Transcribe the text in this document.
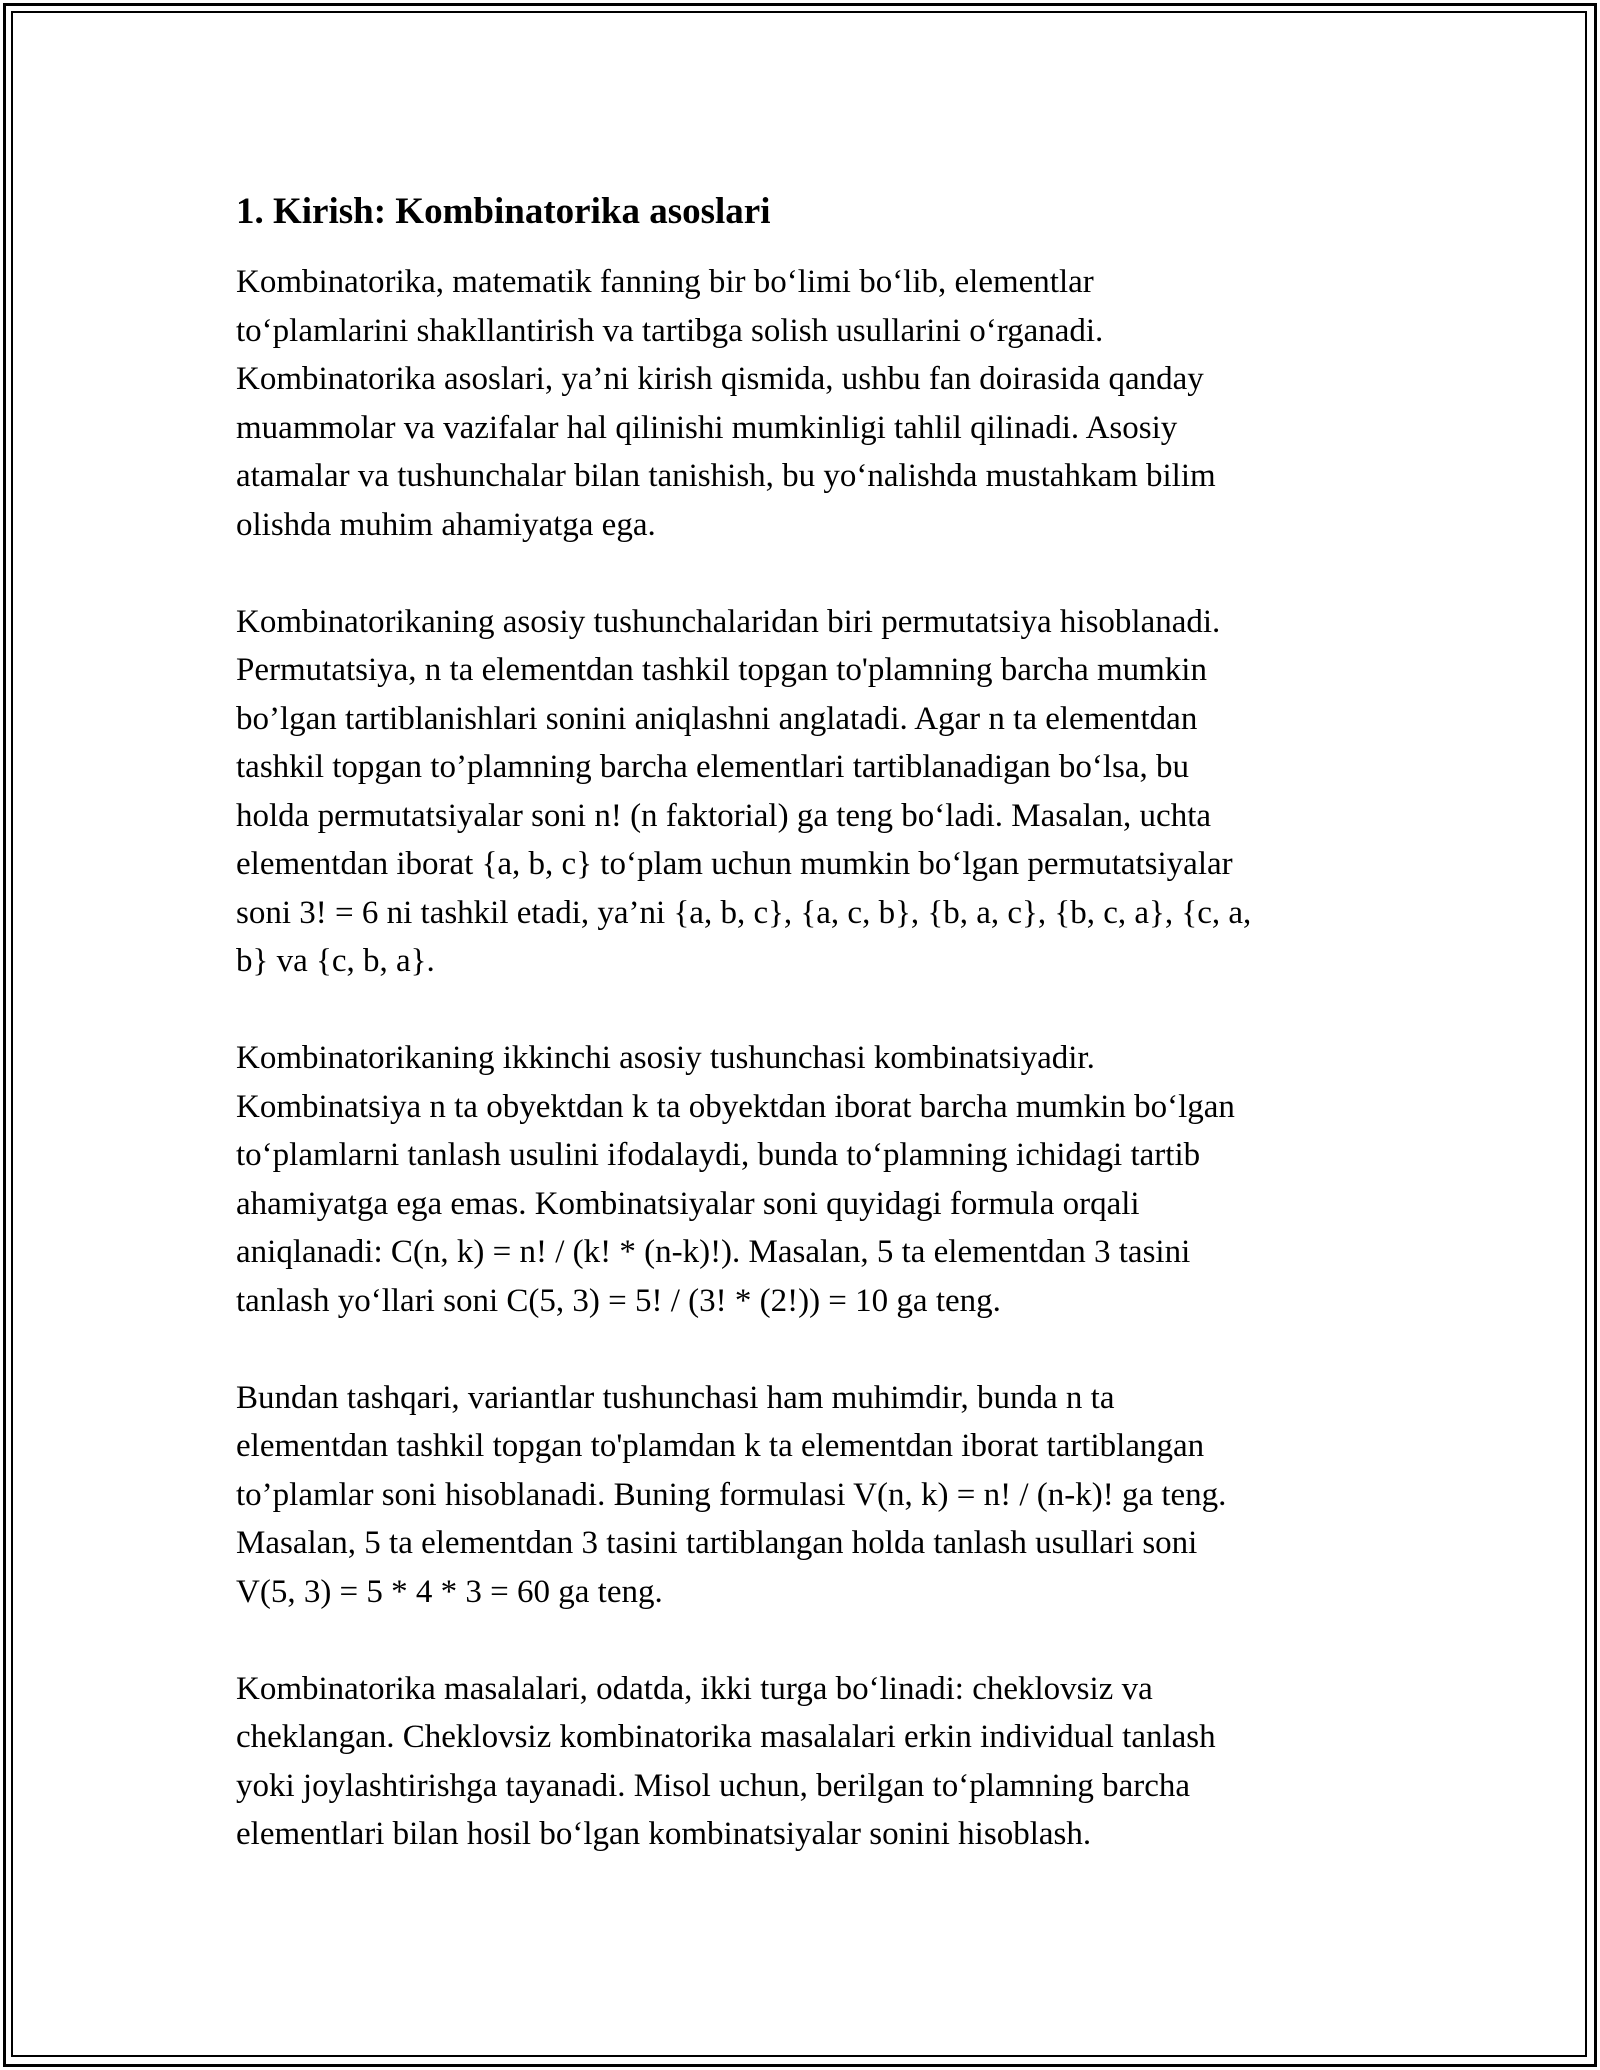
1. Kirish: Kombinatorika asoslari

Kombinatorika, matematik fanning bir bo‘limi bo‘lib, elementlar
to‘plamlarini shakllantirish va tartibga solish usullarini o‘rganadi.
Kombinatorika asoslari, ya’ni kirish qismida, ushbu fan doirasida qanday
muammolar va vazifalar hal qilinishi mumkinligi tahlil qilinadi. Asosiy
atamalar va tushunchalar bilan tanishish, bu yo‘nalishda mustahkam bilim
olishda muhim ahamiyatga ega.

Kombinatorikaning asosiy tushunchalaridan biri permutatsiya hisoblanadi.
Permutatsiya, n ta elementdan tashkil topgan to'plamning barcha mumkin
bo’lgan tartiblanishlari sonini aniqlashni anglatadi. Agar n ta elementdan
tashkil topgan to’plamning barcha elementlari tartiblanadigan bo‘lsa, bu
holda permutatsiyalar soni n! (n faktorial) ga teng bo‘ladi. Masalan, uchta
elementdan iborat {a, b, c} to‘plam uchun mumkin bo‘lgan permutatsiyalar
soni 3! = 6 ni tashkil etadi, ya’ni {a, b, c}, {a, c, b}, {b, a, c}, {b, c, a}, {c, a,
b} va {c, b, a}.

Kombinatorikaning ikkinchi asosiy tushunchasi kombinatsiyadir.
Kombinatsiya n ta obyektdan k ta obyektdan iborat barcha mumkin bo‘lgan
to‘plamlarni tanlash usulini ifodalaydi, bunda to‘plamning ichidagi tartib
ahamiyatga ega emas. Kombinatsiyalar soni quyidagi formula orqali
aniqlanadi: C(n, k) = n! / (k! * (n-k)!). Masalan, 5 ta elementdan 3 tasini
tanlash yo‘llari soni C(5, 3) = 5! / (3! * (2!)) = 10 ga teng.

Bundan tashqari, variantlar tushunchasi ham muhimdir, bunda n ta
elementdan tashkil topgan to'plamdan k ta elementdan iborat tartiblangan
to’plamlar soni hisoblanadi. Buning formulasi V(n, k) = n! / (n-k)! ga teng.
Masalan, 5 ta elementdan 3 tasini tartiblangan holda tanlash usullari soni
V(5, 3) = 5 * 4 * 3 = 60 ga teng.

Kombinatorika masalalari, odatda, ikki turga bo‘linadi: cheklovsiz va
cheklangan. Cheklovsiz kombinatorika masalalari erkin individual tanlash
yoki joylashtirishga tayanadi. Misol uchun, berilgan to‘plamning barcha
elementlari bilan hosil bo‘lgan kombinatsiyalar sonini hisoblash.
